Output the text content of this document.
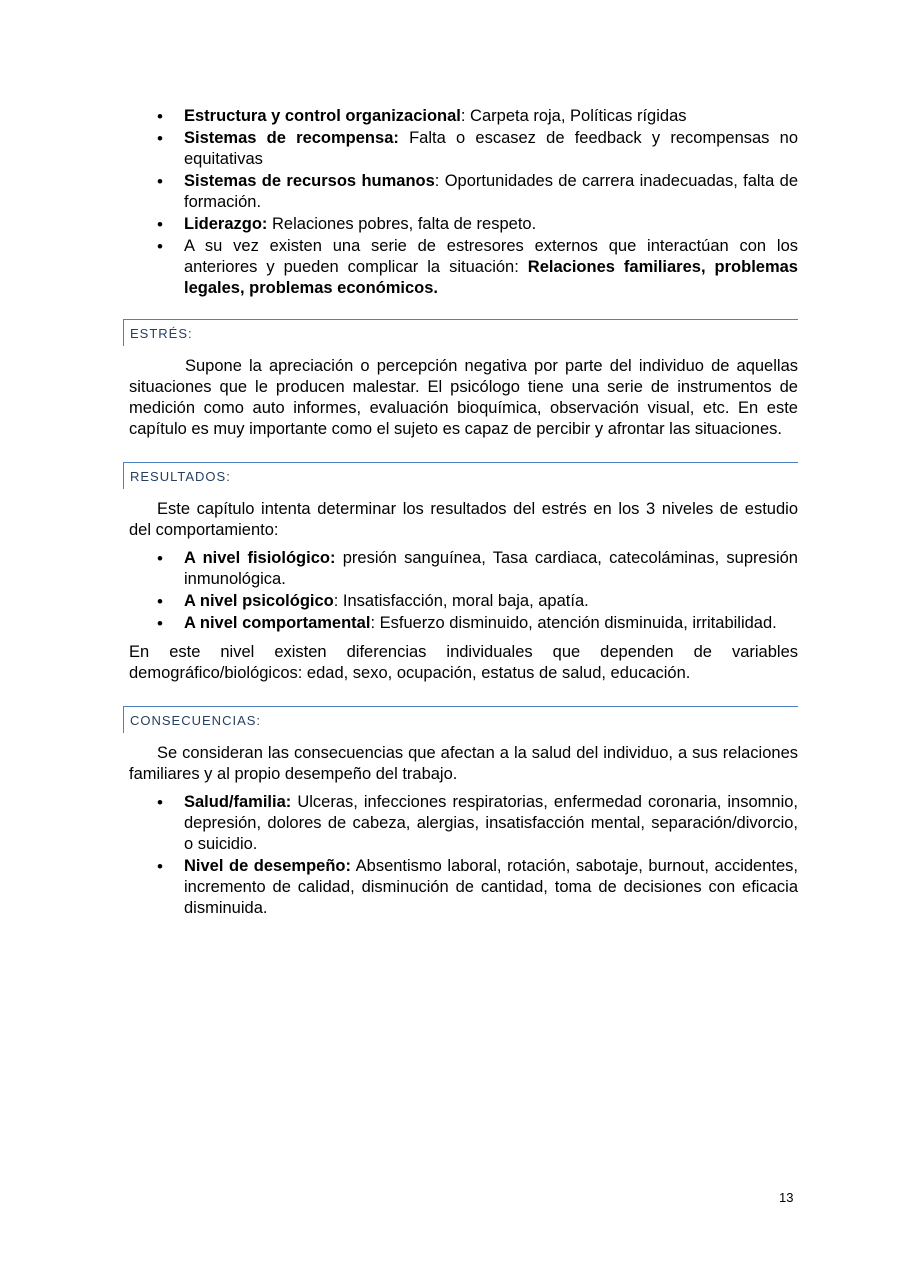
• Estructura y control organizacional: Carpeta roja, Políticas rígidas
• Sistemas de recompensa: Falta o escasez de feedback y recompensas no equitativas
• Sistemas de recursos humanos: Oportunidades de carrera inadecuadas, falta de formación.
• Liderazgo: Relaciones pobres, falta de respeto.
• A su vez existen una serie de estresores externos que interactúan con los anteriores y pueden complicar la situación: Relaciones familiares, problemas legales, problemas económicos.
ESTRÉS:

Supone la apreciación o percepción negativa por parte del individuo de aquellas situaciones que le producen malestar. El psicólogo tiene una serie de instrumentos de medición como auto informes, evaluación bioquímica, observación visual, etc. En este capítulo es muy importante como el sujeto es capaz de percibir y afrontar las situaciones.

RESULTADOS:

Este capítulo intenta determinar los resultados del estrés en los 3 niveles de estudio del comportamiento:

• A nivel fisiológico: presión sanguínea, Tasa cardiaca, catecoláminas, supresión inmunológica.
• A nivel psicológico: Insatisfacción, moral baja, apatía.
• A nivel comportamental: Esfuerzo disminuido, atención disminuida, irritabilidad.

En este nivel existen diferencias individuales que dependen de variables demográfico/biológicos: edad, sexo, ocupación, estatus de salud, educación.

CONSECUENCIAS:

Se consideran las consecuencias que afectan a la salud del individuo, a sus relaciones familiares y al propio desempeño del trabajo.

• Salud/familia: Ulceras, infecciones respiratorias, enfermedad coronaria, insomnio, depresión, dolores de cabeza, alergias, insatisfacción mental, separación/divorcio, o suicidio.
• Nivel de desempeño: Absentismo laboral, rotación, sabotaje, burnout, accidentes, incremento de calidad, disminución de cantidad, toma de decisiones con eficacia disminuida.
13
